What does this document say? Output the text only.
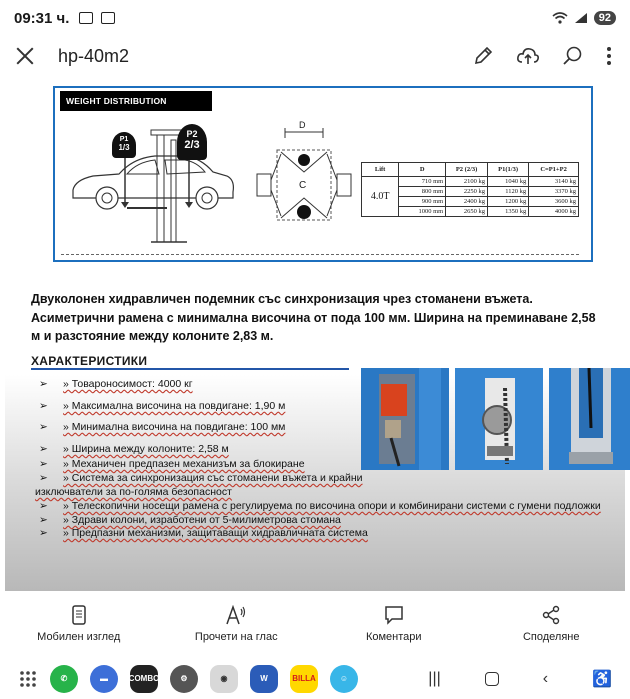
09:31 ч.	92
hp-40m2
WEIGHT DISTRIBUTION
P1
1/3
P2
2/3
D
C
Lift	D	P2 (2/3)	P1(1/3)	C=P1+P2
4.0T	710 mm	2100 kg	1040 kg	3140 kg
	800 mm	2250 kg	1120 kg	3370 kg
	900 mm	2400 kg	1200 kg	3600 kg
	1000 mm	2650 kg	1350 kg	4000 kg
Двуколонен хидравличен подемник със синхронизация чрез стоманени въжета. Асиметрични рамена с минималнa височина от пода 100 мм. Ширина на преминаване 2,58 м и разстояние между колоните 2,83 м.
ХАРАКТЕРИСТИКИ
➢ » Товароносимост: 4000 кг
➢ » Максимална височина на повдигане: 1,90 м
➢ » Минимална височина на повдигане: 100 мм
➢ » Ширина между колоните: 2,58 м
➢ » Механичен предпазен механизъм за блокиране
➢ » Система за синхронизация със стоманени въжета и крайни
изключватели за по-голяма безопасност
➢ » Телескопични носещи рамена с регулируема по височина опори и комбинирани системи с гумени подложки
➢ » Здрави колони, изработени от 5-милиметрова стомана
➢ » Предпазни механизми, защитаващи хидравличната система
Мобилен изглед	Прочети на глас	Коментари	Споделяне
✆	▬	COMBO	⚙	◉	W	BILLA	☺	|||	‹	♿
